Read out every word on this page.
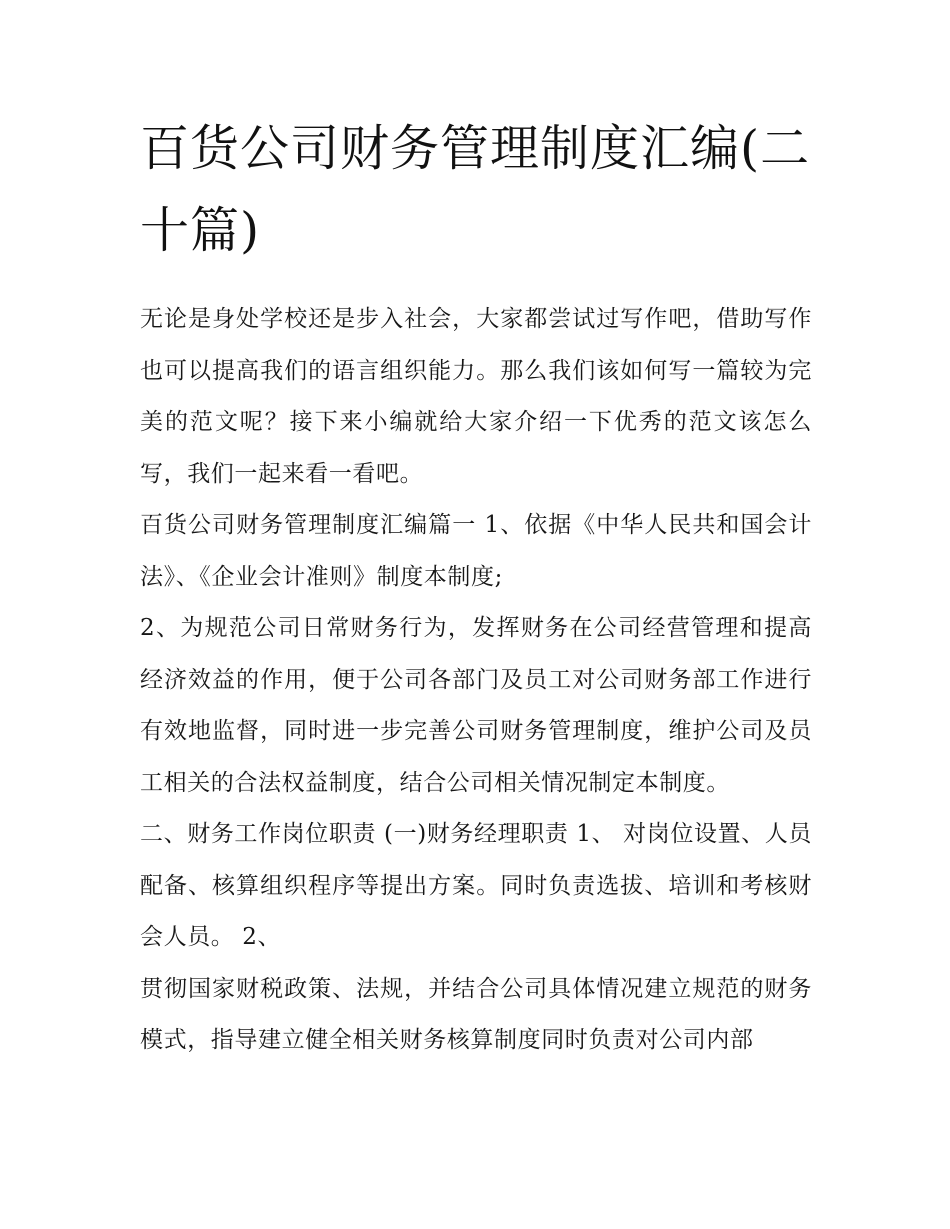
百货公司财务管理制度汇编(二十篇)

无论是身处学校还是步入社会，大家都尝试过写作吧，借助写作也可以提高我们的语言组织能力。那么我们该如何写一篇较为完美的范文呢？接下来小编就给大家介绍一下优秀的范文该怎么写，我们一起来看一看吧。

百货公司财务管理制度汇编篇一 1、依据《中华人民共和国会计法》、《企业会计准则》制度本制度;

2、为规范公司日常财务行为，发挥财务在公司经营管理和提高经济效益的作用，便于公司各部门及员工对公司财务部工作进行有效地监督，同时进一步完善公司财务管理制度，维护公司及员工相关的合法权益制度，结合公司相关情况制定本制度。

二、财务工作岗位职责 (一)财务经理职责 1、 对岗位设置、人员配备、核算组织程序等提出方案。同时负责选拔、培训和考核财会人员。 2、

贯彻国家财税政策、法规，并结合公司具体情况建立规范的财务模式，指导建立健全相关财务核算制度同时负责对公司内部
